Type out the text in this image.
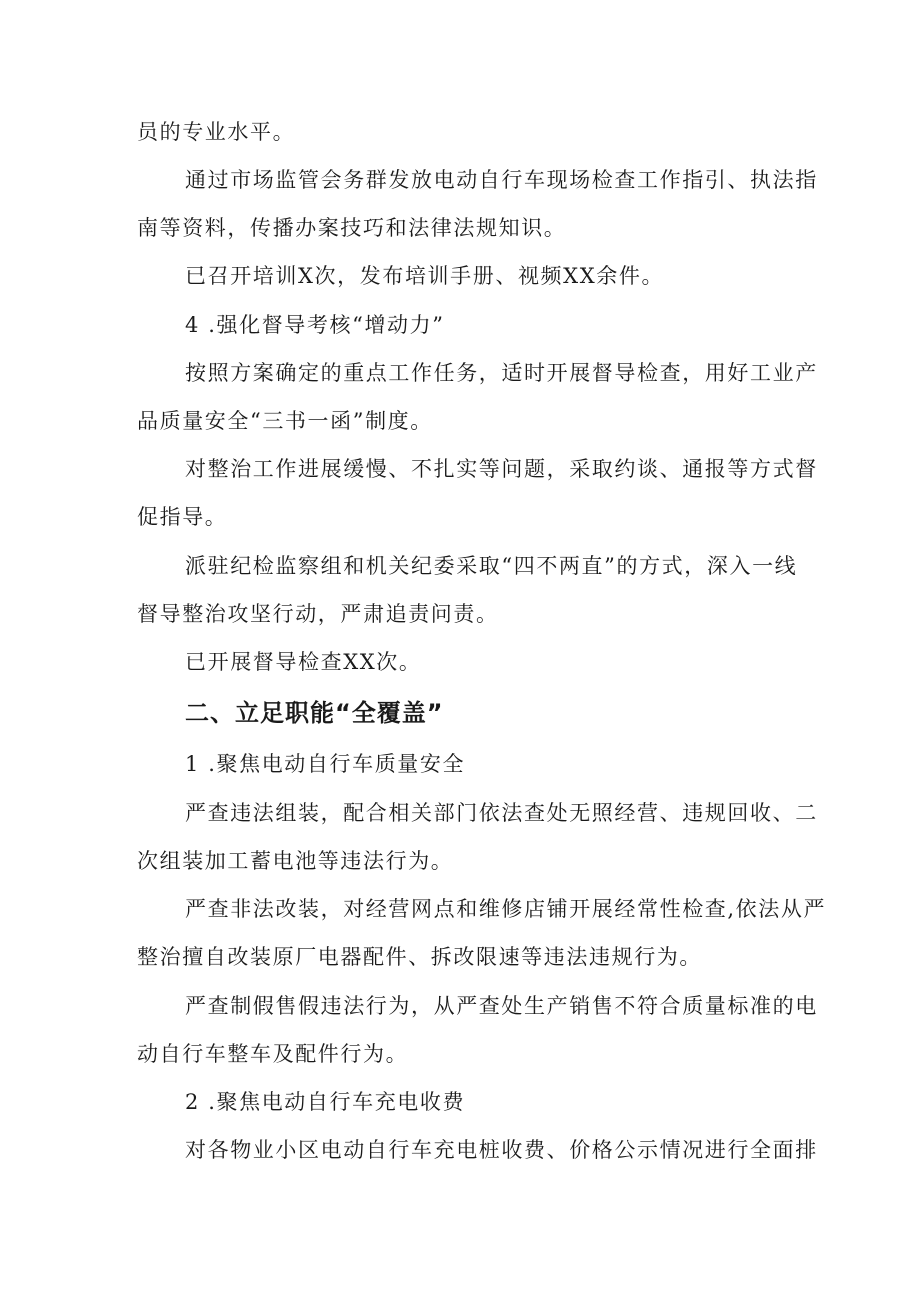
员的专业水平。
通过市场监管会务群发放电动自行车现场检查工作指引、执法指
南等资料，传播办案技巧和法律法规知识。
已召开培训X次，发布培训手册、视频XX余件。
4 .强化督导考核“增动力”
按照方案确定的重点工作任务，适时开展督导检查，用好工业产
品质量安全“三书一函”制度。
对整治工作进展缓慢、不扎实等问题，采取约谈、通报等方式督
促指导。
派驻纪检监察组和机关纪委采取“四不两直”的方式，深入一线
督导整治攻坚行动，严肃追责问责。
已开展督导检查XX次。
二、立足职能“全覆盖”
1 .聚焦电动自行车质量安全
严查违法组装，配合相关部门依法查处无照经营、违规回收、二
次组装加工蓄电池等违法行为。
严查非法改装，对经营网点和维修店铺开展经常性检查,依法从严
整治擅自改装原厂电器配件、拆改限速等违法违规行为。
严查制假售假违法行为，从严查处生产销售不符合质量标准的电
动自行车整车及配件行为。
2 .聚焦电动自行车充电收费
对各物业小区电动自行车充电桩收费、价格公示情况进行全面排
